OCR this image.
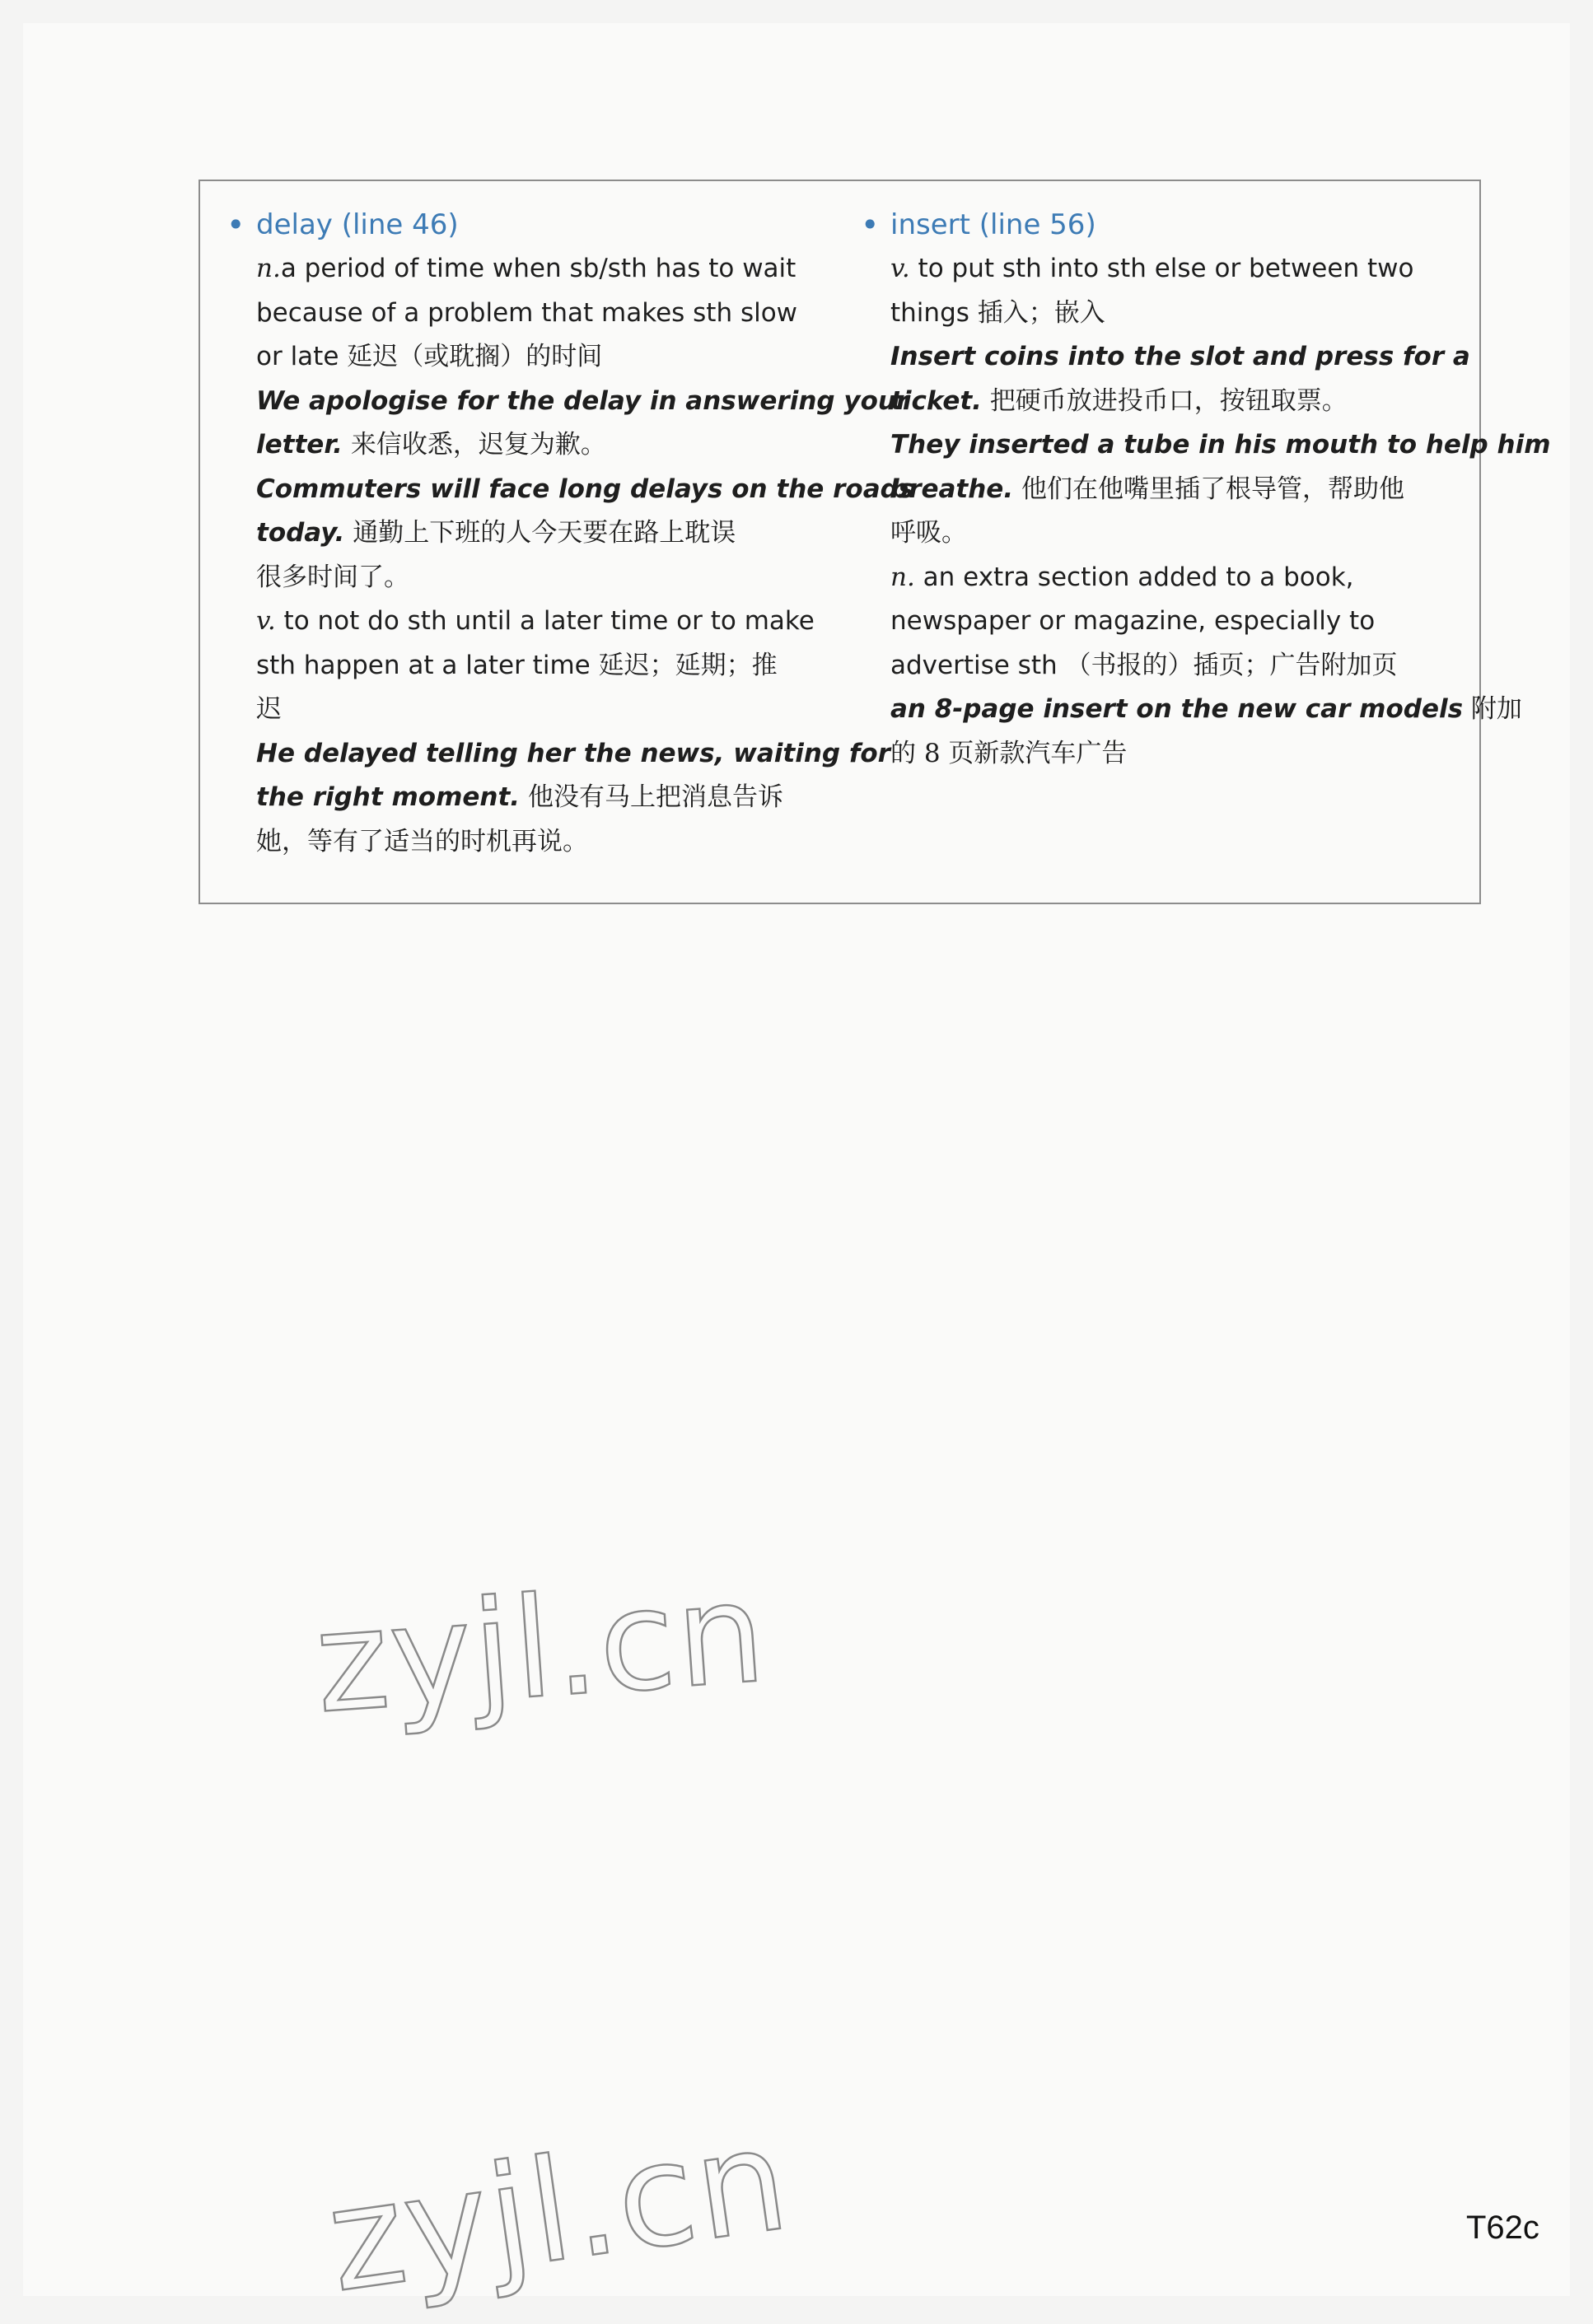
• delay (line 46)
n.a period of time when sb/sth has to wait
because of a problem that makes sth slow
or late 延迟（或耽搁）的时间
We apologise for the delay in answering your
letter. 来信收悉，迟复为歉。
Commuters will face long delays on the roads
today. 通勤上下班的人今天要在路上耽误
很多时间了。
v. to not do sth until a later time or to make
sth happen at a later time 延迟；延期；推
迟
He delayed telling her the news, waiting for
the right moment. 他没有马上把消息告诉
她，等有了适当的时机再说。
• insert (line 56)
v. to put sth into sth else or between two
things 插入；嵌入
Insert coins into the slot and press for a
ticket. 把硬币放进投币口，按钮取票。
They inserted a tube in his mouth to help him
breathe. 他们在他嘴里插了根导管，帮助他
呼吸。
n. an extra section added to a book,
newspaper or magazine, especially to
advertise sth （书报的）插页；广告附加页
an 8-page insert on the new car models 附加
的 8 页新款汽车广告
zyjl.cn
zyjl.cn	T62c
